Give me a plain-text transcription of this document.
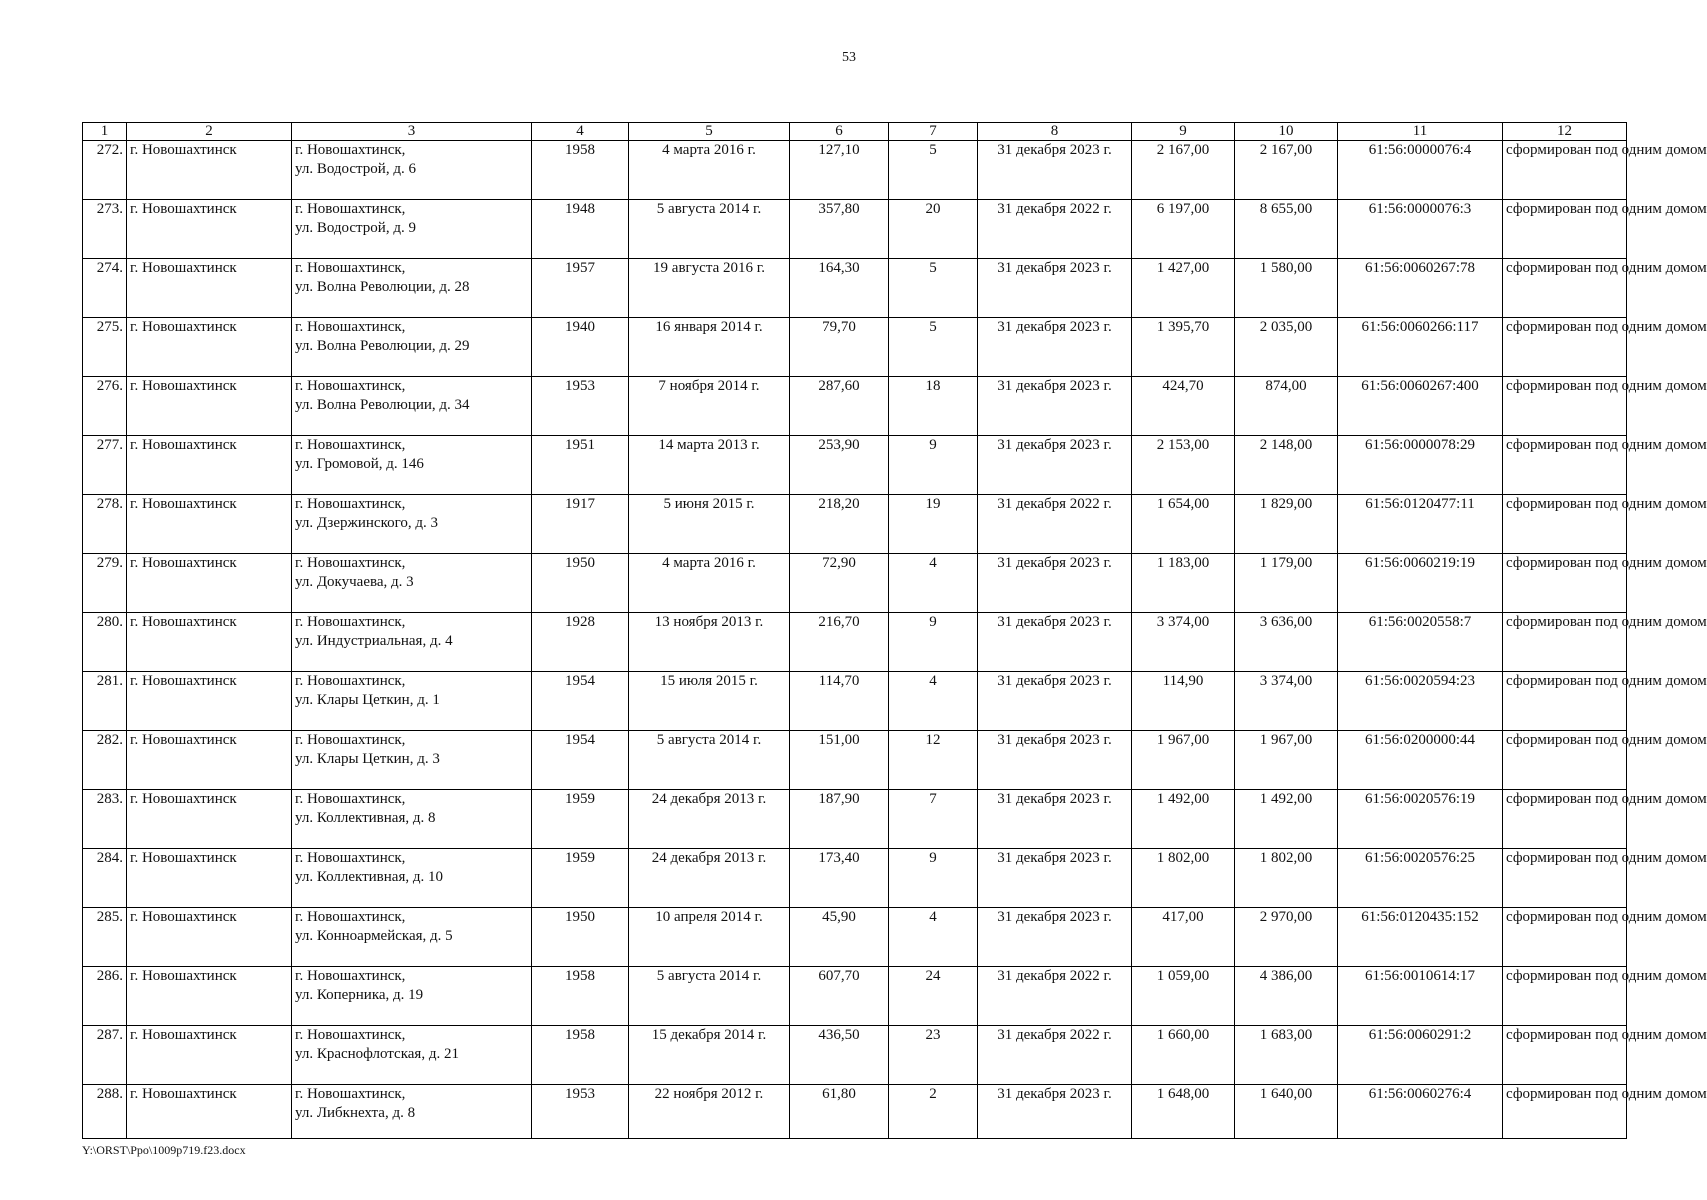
53
1	2	3	4	5	6	7	8	9	10	11	12
272.	г. Новошахтинск	г. Новошахтинск,
ул. Водострой, д. 6	1958	4 марта 2016 г.	127,10	5	31 декабря 2023 г.	2 167,00	2 167,00	61:56:0000076:4	сформирован под одним домом
273.	г. Новошахтинск	г. Новошахтинск,
ул. Водострой, д. 9	1948	5 августа 2014 г.	357,80	20	31 декабря 2022 г.	6 197,00	8 655,00	61:56:0000076:3	сформирован под одним домом
274.	г. Новошахтинск	г. Новошахтинск,
ул. Волна Революции, д. 28	1957	19 августа 2016 г.	164,30	5	31 декабря 2023 г.	1 427,00	1 580,00	61:56:0060267:78	сформирован под одним домом
275.	г. Новошахтинск	г. Новошахтинск,
ул. Волна Революции, д. 29	1940	16 января 2014 г.	79,70	5	31 декабря 2023 г.	1 395,70	2 035,00	61:56:0060266:117	сформирован под одним домом
276.	г. Новошахтинск	г. Новошахтинск,
ул. Волна Революции, д. 34	1953	7 ноября 2014 г.	287,60	18	31 декабря 2023 г.	424,70	874,00	61:56:0060267:400	сформирован под одним домом
277.	г. Новошахтинск	г. Новошахтинск,
ул. Громовой, д. 146	1951	14 марта 2013 г.	253,90	9	31 декабря 2023 г.	2 153,00	2 148,00	61:56:0000078:29	сформирован под одним домом
278.	г. Новошахтинск	г. Новошахтинск,
ул. Дзержинского, д. 3	1917	5 июня 2015 г.	218,20	19	31 декабря 2022 г.	1 654,00	1 829,00	61:56:0120477:11	сформирован под одним домом
279.	г. Новошахтинск	г. Новошахтинск,
ул. Докучаева, д. 3	1950	4 марта 2016 г.	72,90	4	31 декабря 2023 г.	1 183,00	1 179,00	61:56:0060219:19	сформирован под одним домом
280.	г. Новошахтинск	г. Новошахтинск,
ул. Индустриальная, д. 4	1928	13 ноября 2013 г.	216,70	9	31 декабря 2023 г.	3 374,00	3 636,00	61:56:0020558:7	сформирован под одним домом
281.	г. Новошахтинск	г. Новошахтинск,
ул. Клары Цеткин, д. 1	1954	15 июля 2015 г.	114,70	4	31 декабря 2023 г.	114,90	3 374,00	61:56:0020594:23	сформирован под одним домом
282.	г. Новошахтинск	г. Новошахтинск,
ул. Клары Цеткин, д. 3	1954	5 августа 2014 г.	151,00	12	31 декабря 2023 г.	1 967,00	1 967,00	61:56:0200000:44	сформирован под одним домом
283.	г. Новошахтинск	г. Новошахтинск,
ул. Коллективная, д. 8	1959	24 декабря 2013 г.	187,90	7	31 декабря 2023 г.	1 492,00	1 492,00	61:56:0020576:19	сформирован под одним домом
284.	г. Новошахтинск	г. Новошахтинск,
ул. Коллективная, д. 10	1959	24 декабря 2013 г.	173,40	9	31 декабря 2023 г.	1 802,00	1 802,00	61:56:0020576:25	сформирован под одним домом
285.	г. Новошахтинск	г. Новошахтинск,
ул. Конноармейская, д. 5	1950	10 апреля 2014 г.	45,90	4	31 декабря 2023 г.	417,00	2 970,00	61:56:0120435:152	сформирован под одним домом
286.	г. Новошахтинск	г. Новошахтинск,
ул. Коперника, д. 19	1958	5 августа 2014 г.	607,70	24	31 декабря 2022 г.	1 059,00	4 386,00	61:56:0010614:17	сформирован под одним домом
287.	г. Новошахтинск	г. Новошахтинск,
ул. Краснофлотская, д. 21	1958	15 декабря 2014 г.	436,50	23	31 декабря 2022 г.	1 660,00	1 683,00	61:56:0060291:2	сформирован под одним домом
288.	г. Новошахтинск	г. Новошахтинск,
ул. Либкнехта, д. 8	1953	22 ноября 2012 г.	61,80	2	31 декабря 2023 г.	1 648,00	1 640,00	61:56:0060276:4	сформирован под одним домом
Y:\ORST\Ppo\1009p719.f23.docx
